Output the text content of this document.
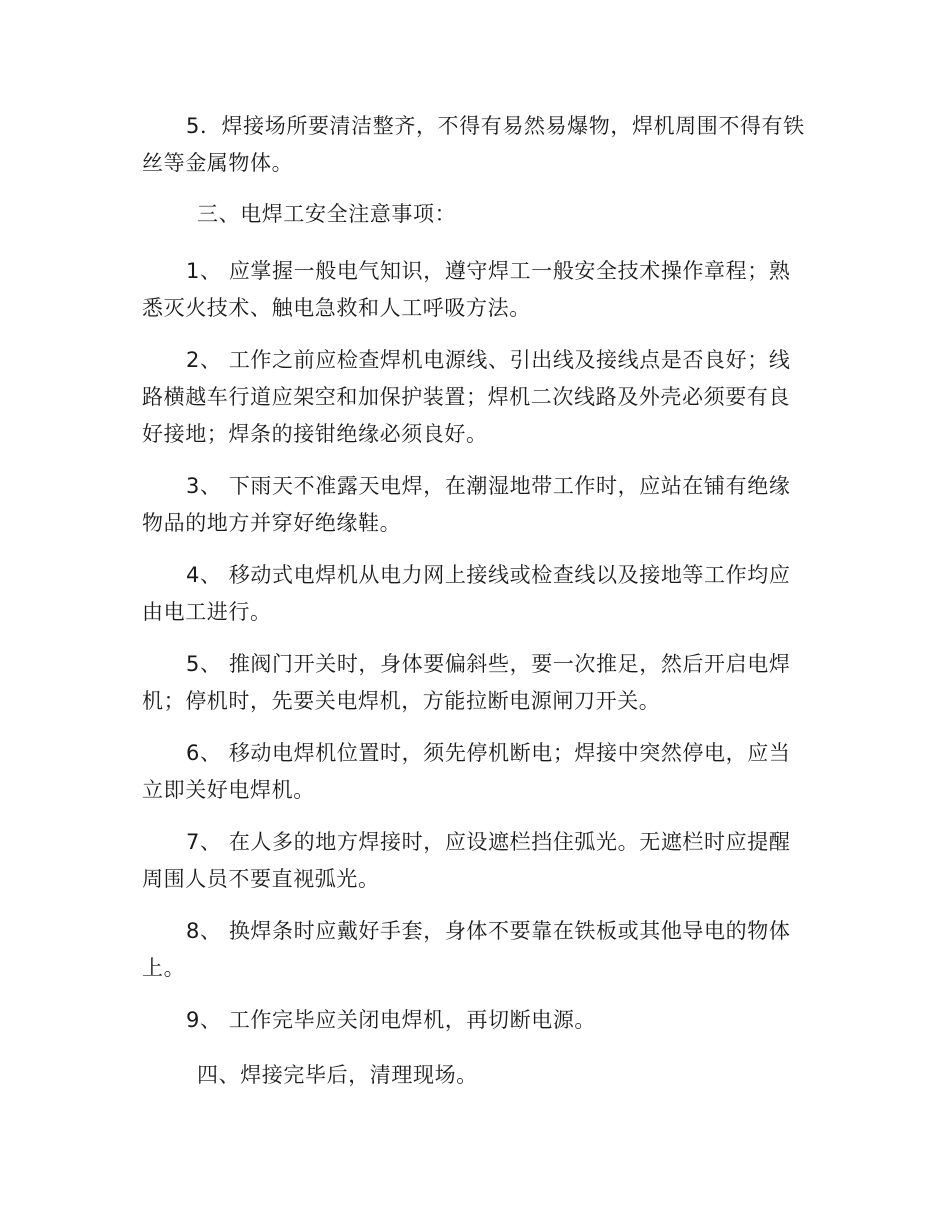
5．焊接场所要清洁整齐，不得有易然易爆物，焊机周围不得有铁丝等金属物体。

三、电焊工安全注意事项：

1、 应掌握一般电气知识，遵守焊工一般安全技术操作章程；熟悉灭火技术、触电急救和人工呼吸方法。

2、 工作之前应检查焊机电源线、引出线及接线点是否良好；线路横越车行道应架空和加保护装置；焊机二次线路及外壳必须要有良好接地；焊条的接钳绝缘必须良好。

3、 下雨天不准露天电焊，在潮湿地带工作时，应站在铺有绝缘物品的地方并穿好绝缘鞋。

4、 移动式电焊机从电力网上接线或检查线以及接地等工作均应由电工进行。

5、 推阀门开关时，身体要偏斜些，要一次推足，然后开启电焊机；停机时，先要关电焊机，方能拉断电源闸刀开关。

6、 移动电焊机位置时，须先停机断电；焊接中突然停电，应当立即关好电焊机。

7、 在人多的地方焊接时，应设遮栏挡住弧光。无遮栏时应提醒周围人员不要直视弧光。

8、 换焊条时应戴好手套，身体不要靠在铁板或其他导电的物体上。

9、 工作完毕应关闭电焊机，再切断电源。

四、焊接完毕后，清理现场。
